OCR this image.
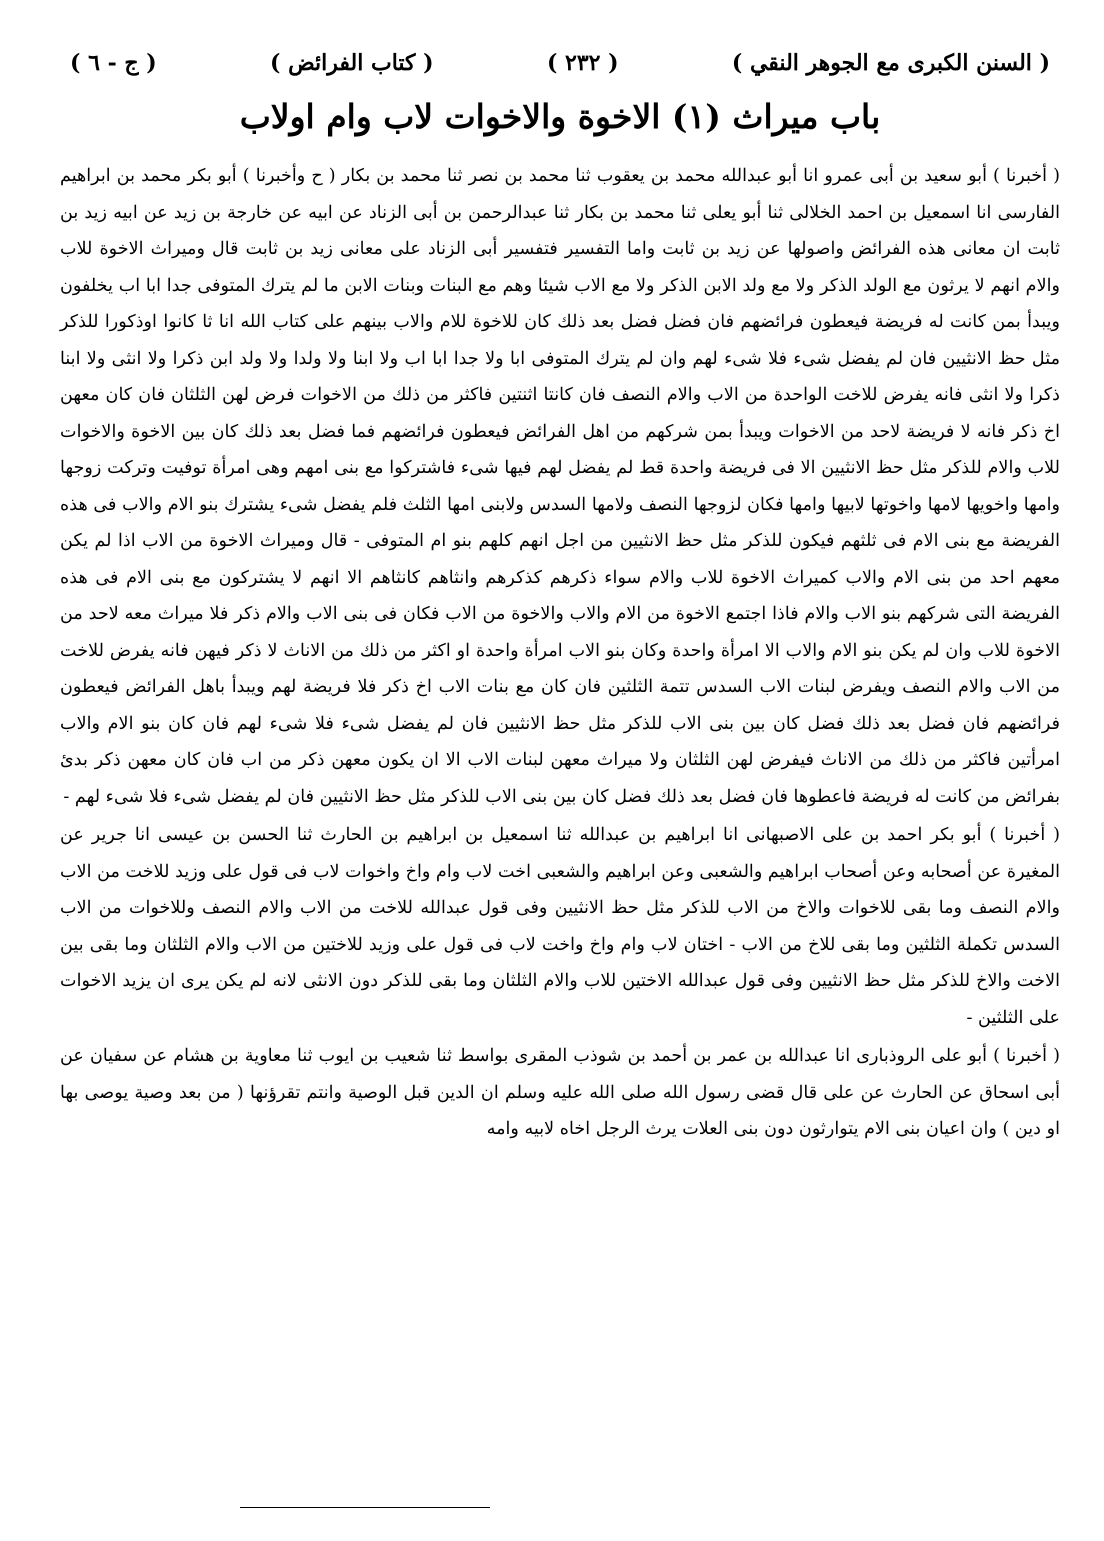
( السنن الكبرى مع الجوهر النقي )
( ٢٣٢ )
( كتاب الفرائض )
( ج - ٦ )
باب ميراث (١) الاخوة والاخوات لاب وام اولاب

( أخبرنا ) أبو سعيد بن أبى عمرو انا أبو عبدالله محمد بن يعقوب ثنا محمد بن نصر ثنا محمد بن بكار ( ح وأخبرنا ) أبو بكر محمد بن ابراهيم الفارسى انا اسمعيل بن احمد الخلالى ثنا أبو يعلى ثنا محمد بن بكار ثنا عبدالرحمن بن أبى الزناد عن ابيه عن خارجة بن زيد عن ابيه زيد بن ثابت ان معانى هذه الفرائض واصولها عن زيد بن ثابت واما التفسير فتفسير أبى الزناد على معانى زيد بن ثابت قال وميراث الاخوة للاب والام انهم لا يرثون مع الولد الذكر ولا مع ولد الابن الذكر ولا مع الاب شيئا وهم مع البنات وبنات الابن ما لم يترك المتوفى جدا ابا اب يخلفون ويبدأ بمن كانت له فريضة فيعطون فرائضهم فان فضل فضل بعد ذلك كان للاخوة للام والاب بينهم على كتاب الله انا ثا كانوا اوذكورا للذكر مثل حظ الانثيين فان لم يفضل شىء فلا شىء لهم وان لم يترك المتوفى ابا ولا جدا ابا اب ولا ابنا ولا ولدا ولا ولد ابن ذكرا ولا انثى ولا ابنا ذكرا ولا انثى فانه يفرض للاخت الواحدة من الاب والام النصف فان كانتا اثنتين فاكثر من ذلك من الاخوات فرض لهن الثلثان فان كان معهن اخ ذكر فانه لا فريضة لاحد من الاخوات ويبدأ بمن شركهم من اهل الفرائض فيعطون فرائضهم فما فضل بعد ذلك كان بين الاخوة والاخوات للاب والام للذكر مثل حظ الانثيين الا فى فريضة واحدة قط لم يفضل لهم فيها شىء فاشتركوا مع بنى امهم وهى امرأة توفيت وتركت زوجها وامها واخويها لامها واخوتها لابيها وامها فكان لزوجها النصف ولامها السدس ولابنى امها الثلث فلم يفضل شىء يشترك بنو الام والاب فى هذه الفريضة مع بنى الام فى ثلثهم فيكون للذكر مثل حظ الانثيين من اجل انهم كلهم بنو ام المتوفى - قال وميراث الاخوة من الاب اذا لم يكن معهم احد من بنى الام والاب كميراث الاخوة للاب والام سواء ذكرهم كذكرهم وانثاهم كانثاهم الا انهم لا يشتركون مع بنى الام فى هذه الفريضة التى شركهم بنو الاب والام فاذا اجتمع الاخوة من الام والاب والاخوة من الاب فكان فى بنى الاب والام ذكر فلا ميراث معه لاحد من الاخوة للاب وان لم يكن بنو الام والاب الا امرأة واحدة وكان بنو الاب امرأة واحدة او اكثر من ذلك من الاناث لا ذكر فيهن فانه يفرض للاخت من الاب والام النصف ويفرض لبنات الاب السدس تتمة الثلثين فان كان مع بنات الاب اخ ذكر فلا فريضة لهم ويبدأ باهل الفرائض فيعطون فرائضهم فان فضل بعد ذلك فضل كان بين بنى الاب للذكر مثل حظ الانثيين فان لم يفضل شىء فلا شىء لهم فان كان بنو الام والاب امرأتين فاكثر من ذلك من الاناث فيفرض لهن الثلثان ولا ميراث معهن لبنات الاب الا ان يكون معهن ذكر من اب فان كان معهن ذكر بدئ بفرائض من كانت له فريضة فاعطوها فان فضل بعد ذلك فضل كان بين بنى الاب للذكر مثل حظ الانثيين فان لم يفضل شىء فلا شىء لهم -

( أخبرنا ) أبو بكر احمد بن على الاصبهانى انا ابراهيم بن عبدالله ثنا اسمعيل بن ابراهيم بن الحارث ثنا الحسن بن عيسى انا جرير عن المغيرة عن أصحابه وعن أصحاب ابراهيم والشعبى وعن ابراهيم والشعبى اخت لاب وام واخ واخوات لاب فى قول على وزيد للاخت من الاب والام النصف وما بقى للاخوات والاخ من الاب للذكر مثل حظ الانثيين وفى قول عبدالله للاخت من الاب والام النصف وللاخوات من الاب السدس تكملة الثلثين وما بقى للاخ من الاب - اختان لاب وام واخ واخت لاب فى قول على وزيد للاختين من الاب والام الثلثان وما بقى بين الاخت والاخ للذكر مثل حظ الانثيين وفى قول عبدالله الاختين للاب والام الثلثان وما بقى للذكر دون الانثى لانه لم يكن يرى ان يزيد الاخوات على الثلثين -

( أخبرنا ) أبو على الروذبارى انا عبدالله بن عمر بن أحمد بن شوذب المقرى بواسط ثنا شعيب بن ايوب ثنا معاوية بن هشام عن سفيان عن أبى اسحاق عن الحارث عن على قال قضى رسول الله صلى الله عليه وسلم ان الدين قبل الوصية وانتم تقرؤنها ( من بعد وصية يوصى بها او دين ) وان اعيان بنى الام يتوارثون دون بنى العلات يرث الرجل اخاه لابيه وامه
